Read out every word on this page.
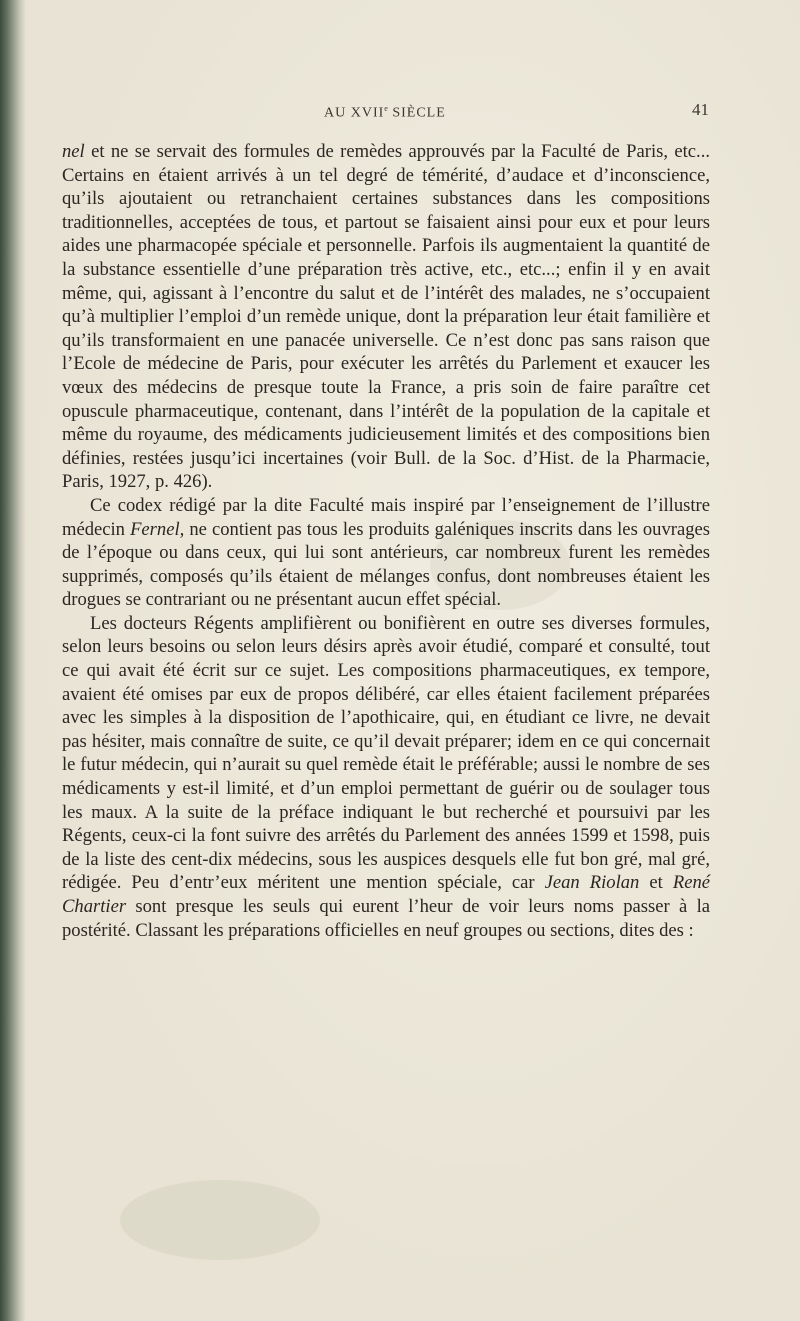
AU XVIIe SIÈCLE	41

nel et ne se servait des formules de remèdes approuvés par la Faculté de Paris, etc... Certains en étaient arrivés à un tel degré de témérité, d’audace et d’inconscience, qu’ils ajoutaient ou retranchaient certaines substances dans les compositions traditionnelles, acceptées de tous, et partout se faisaient ainsi pour eux et pour leurs aides une pharmacopée spéciale et personnelle. Parfois ils augmentaient la quantité de la substance essentielle d’une préparation très active, etc., etc...; enfin il y en avait même, qui, agissant à l’encontre du salut et de l’intérêt des malades, ne s’occupaient qu’à multiplier l’emploi d’un remède unique, dont la préparation leur était familière et qu’ils transformaient en une panacée universelle. Ce n’est donc pas sans raison que l’Ecole de médecine de Paris, pour exécuter les arrêtés du Parlement et exaucer les vœux des médecins de presque toute la France, a pris soin de faire paraître cet opuscule pharmaceutique, contenant, dans l’intérêt de la population de la capitale et même du royaume, des médicaments judicieusement limités et des compositions bien définies, restées jusqu’ici incertaines (voir Bull. de la Soc. d’Hist. de la Pharmacie, Paris, 1927, p. 426).

Ce codex rédigé par la dite Faculté mais inspiré par l’enseignement de l’illustre médecin Fernel, ne contient pas tous les produits galéniques inscrits dans les ouvrages de l’époque ou dans ceux, qui lui sont antérieurs, car nombreux furent les remèdes supprimés, composés qu’ils étaient de mélanges confus, dont nombreuses étaient les drogues se contrariant ou ne présentant aucun effet spécial.

Les docteurs Régents amplifièrent ou bonifièrent en outre ses diverses formules, selon leurs besoins ou selon leurs désirs après avoir étudié, comparé et consulté, tout ce qui avait été écrit sur ce sujet. Les compositions pharmaceutiques, ex tempore, avaient été omises par eux de propos délibéré, car elles étaient facilement préparées avec les simples à la disposition de l’apothicaire, qui, en étudiant ce livre, ne devait pas hésiter, mais connaître de suite, ce qu’il devait préparer; idem en ce qui concernait le futur médecin, qui n’aurait su quel remède était le préférable; aussi le nombre de ses médicaments y est-il limité, et d’un emploi permettant de guérir ou de soulager tous les maux. A la suite de la préface indiquant le but recherché et poursuivi par les Régents, ceux-ci la font suivre des arrêtés du Parlement des années 1599 et 1598, puis de la liste des cent-dix médecins, sous les auspices desquels elle fut bon gré, mal gré, rédigée. Peu d’entr’eux méritent une mention spéciale, car Jean Riolan et René Chartier sont presque les seuls qui eurent l’heur de voir leurs noms passer à la postérité. Classant les préparations officielles en neuf groupes ou sections, dites des :
